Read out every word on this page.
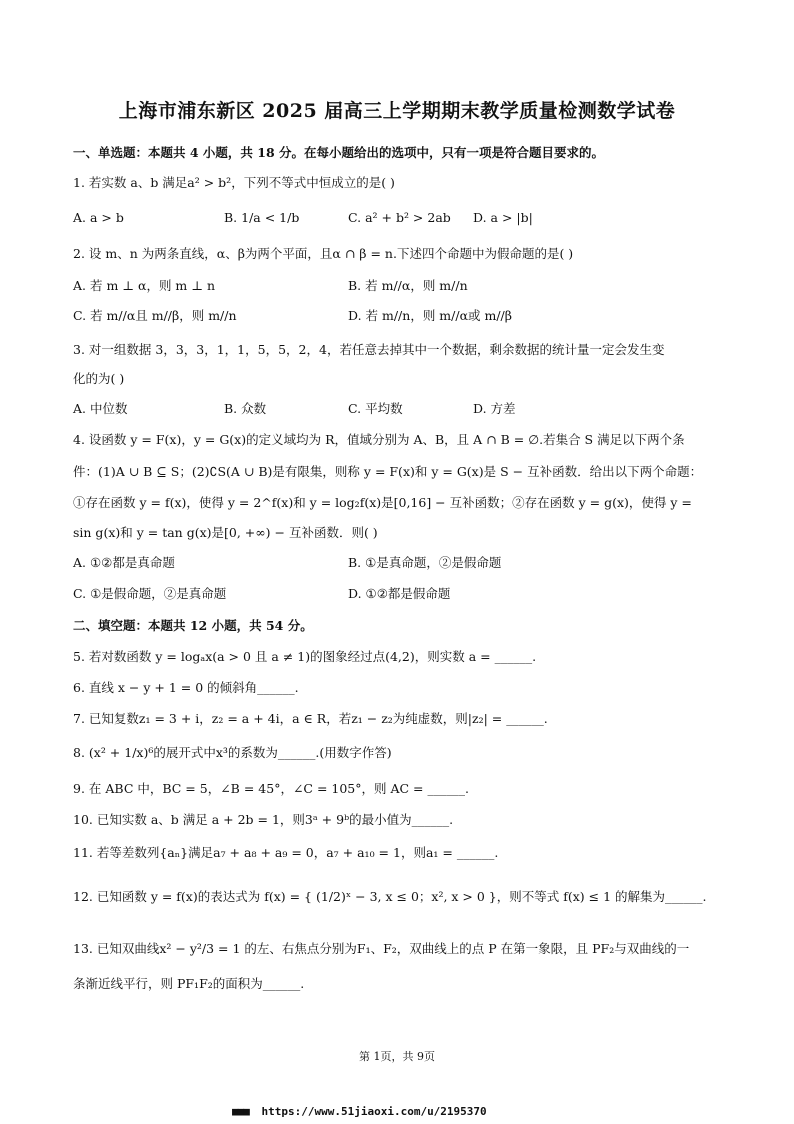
上海市浦东新区 2025 届高三上学期期末教学质量检测数学试卷
一、单选题：本题共 4 小题，共 18 分。在每小题给出的选项中，只有一项是符合题目要求的。
1. 若实数 a、b 满足a² > b²，下列不等式中恒成立的是( )
A. a > b	B. 1/a < 1/b	C. a² + b² > 2ab D. a > |b|
2. 设 m、n 为两条直线，α、β为两个平面，且α ∩ β = n.下述四个命题中为假命题的是( )
A. 若 m ⊥ α，则 m ⊥ n	B. 若 m//α，则 m//n
C. 若 m//α且 m//β，则 m//n	D. 若 m//n，则 m//α或 m//β
3. 对一组数据 3，3，3，1，1，5，5，2，4，若任意去掉其中一个数据，剩余数据的统计量一定会发生变
化的为( )
A. 中位数	B. 众数	C. 平均数	D. 方差
4. 设函数 y = F(x)，y = G(x)的定义域均为 R，值域分别为 A、B，且 A ∩ B = ∅.若集合 S 满足以下两个条
件：(1)A ∪ B ⊆ S；(2)∁S(A ∪ B)是有限集，则称 y = F(x)和 y = G(x)是 S − 互补函数．给出以下两个命题：
①存在函数 y = f(x)，使得 y = 2^f(x)和 y = log₂f(x)是[0,16] − 互补函数；②存在函数 y = g(x)，使得 y =
sin g(x)和 y = tan g(x)是[0, +∞) − 互补函数．则( )
A. ①②都是真命题	B. ①是真命题，②是假命题
C. ①是假命题，②是真命题	D. ①②都是假命题
二、填空题：本题共 12 小题，共 54 分。
5. 若对数函数 y = logₐx(a > 0 且 a ≠ 1)的图象经过点(4,2)，则实数 a = ______.
6. 直线 x − y + 1 = 0 的倾斜角______.
7. 已知复数z₁ = 3 + i，z₂ = a + 4i，a ∈ R，若z₁ − z₂为纯虚数，则|z₂| = ______.
8. (x² + 1/x)⁶的展开式中x³的系数为______.(用数字作答)
9. 在 ABC 中，BC = 5，∠B = 45°，∠C = 105°，则 AC = ______.
10. 已知实数 a、b 满足 a + 2b = 1，则3ᵃ + 9ᵇ的最小值为______.
11. 若等差数列{aₙ}满足a₇ + a₈ + a₉ = 0，a₇ + a₁₀ = 1，则a₁ = ______.
12. 已知函数 y = f(x)的表达式为 f(x) = { (1/2)ˣ − 3, x ≤ 0；x², x > 0 }，则不等式 f(x) ≤ 1 的解集为______.
13. 已知双曲线x² − y²/3 = 1 的左、右焦点分别为F₁、F₂，双曲线上的点 P 在第一象限，且 PF₂与双曲线的一
条渐近线平行，则 PF₁F₂的面积为______.
第 1页，共 9页
■■■ https://www.51jiaoxi.com/u/2195370
